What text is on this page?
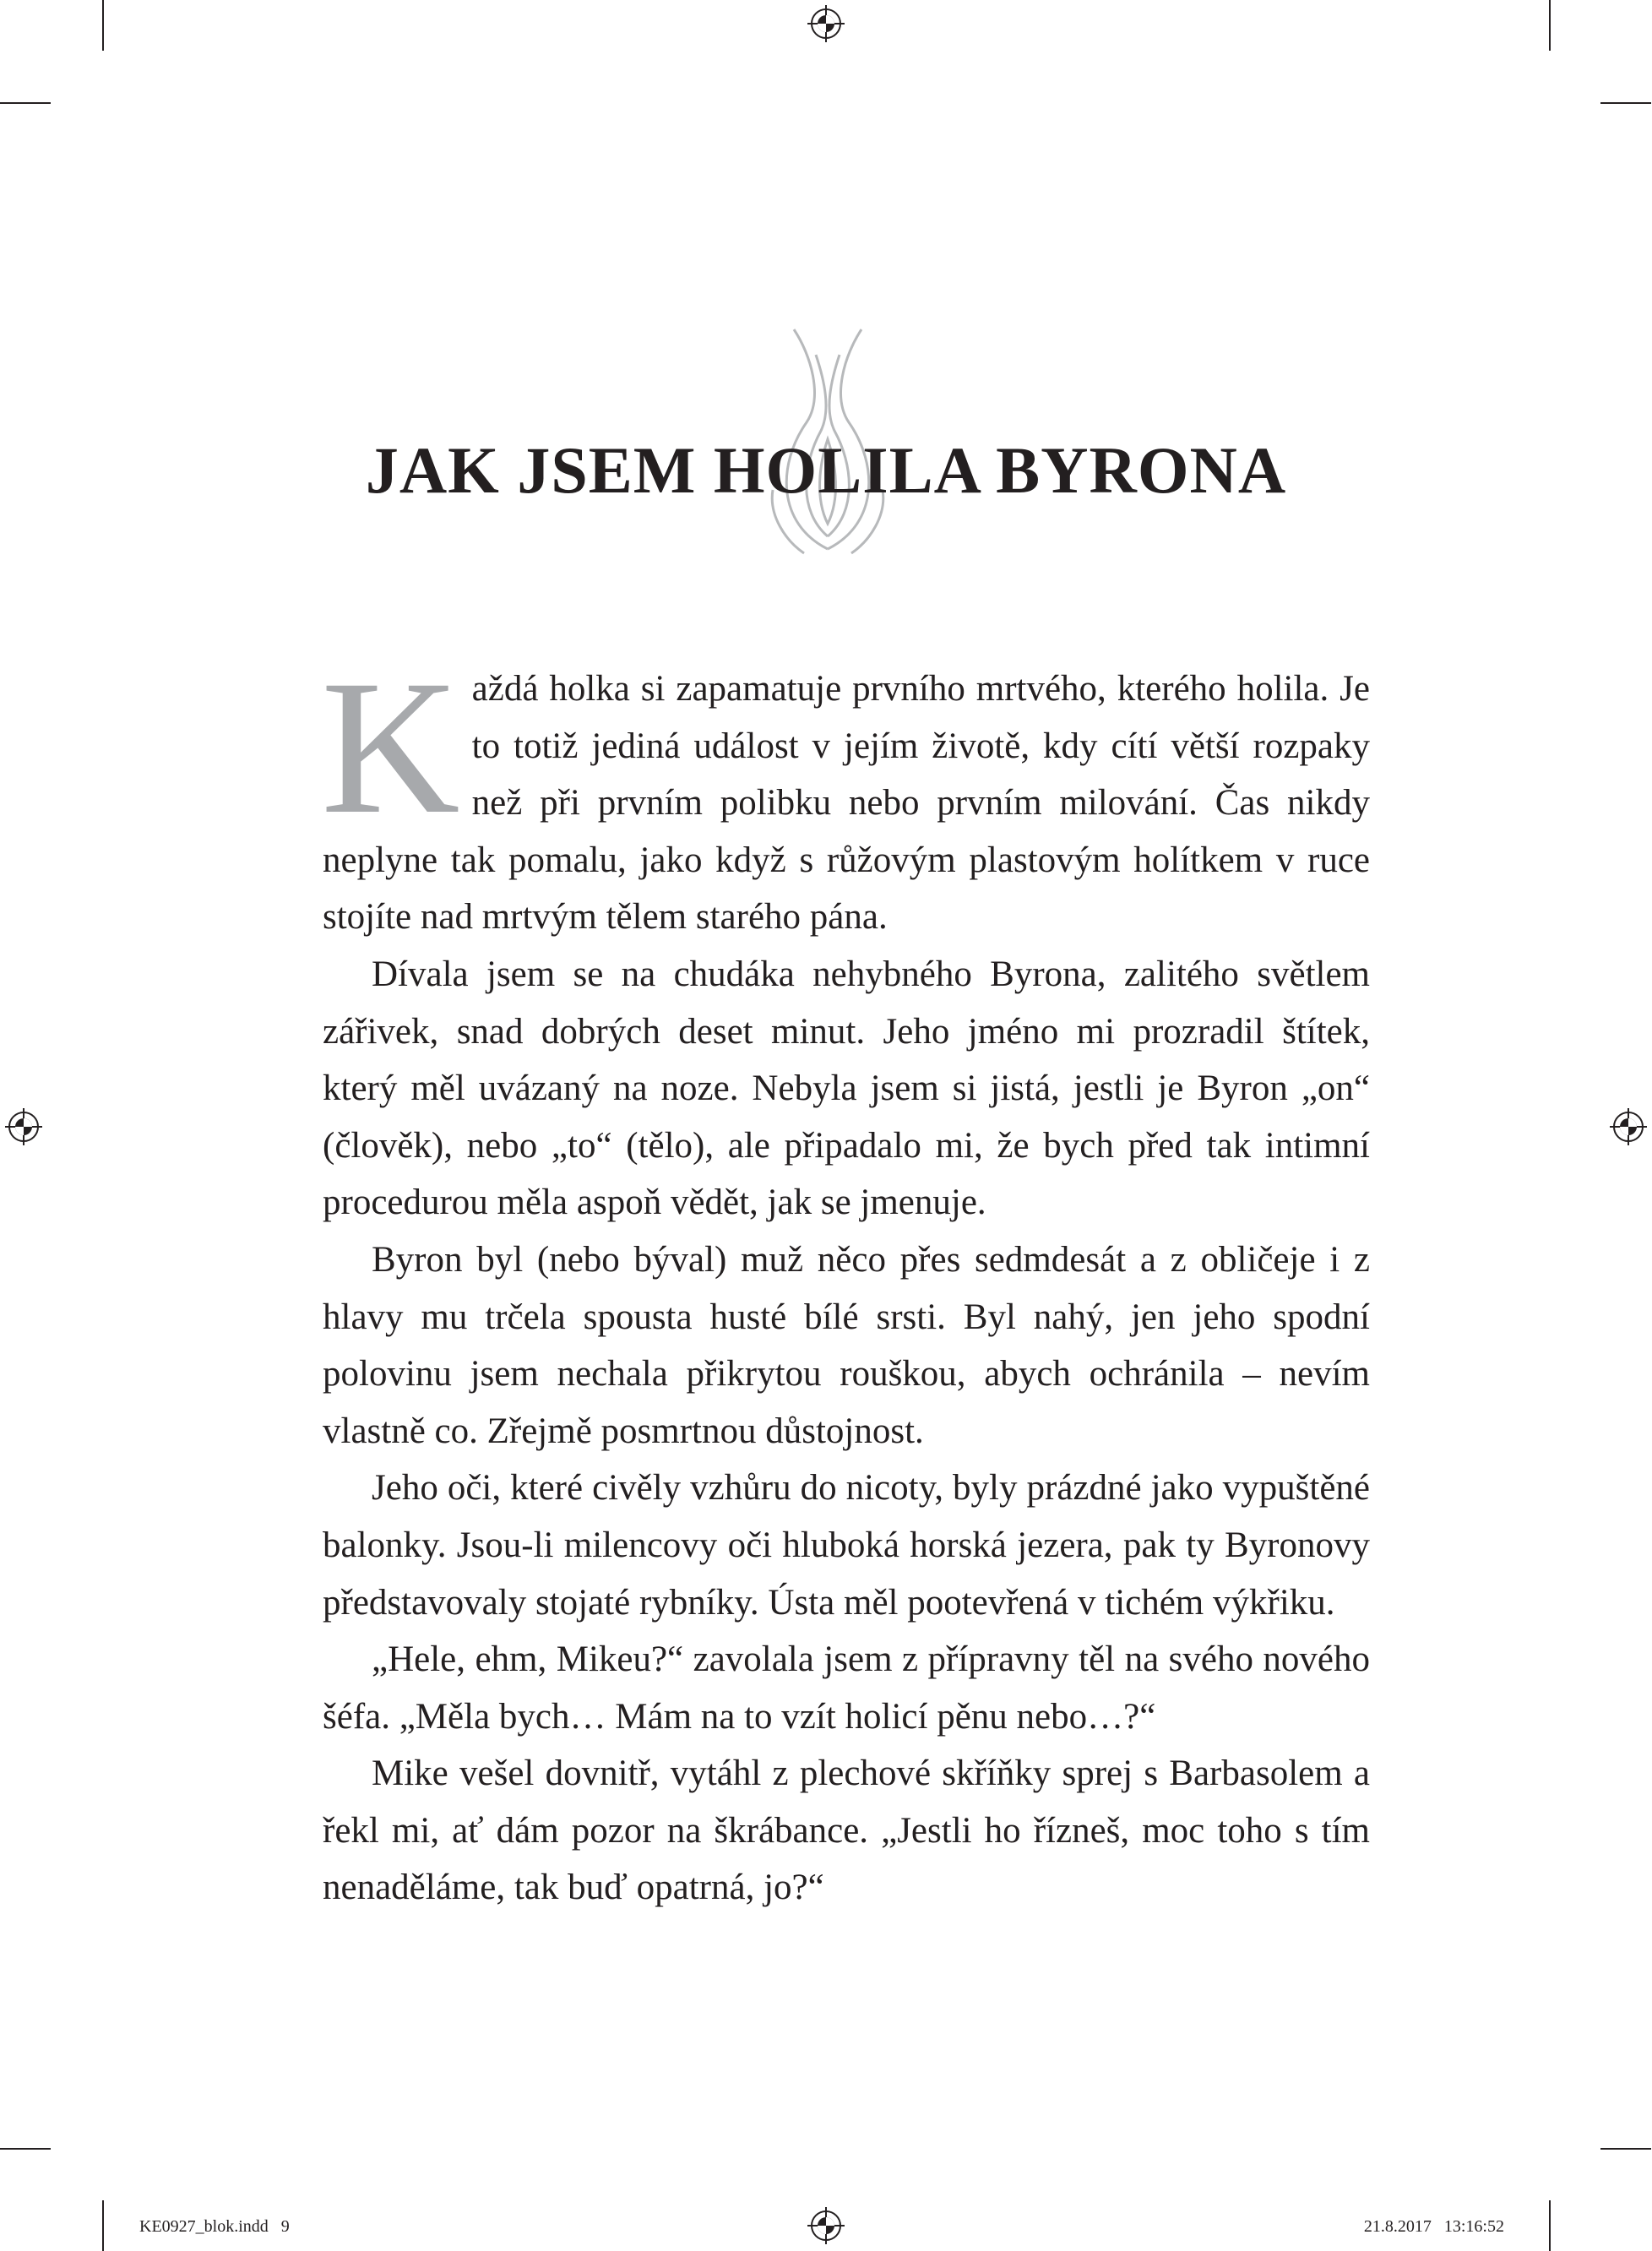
JAK JSEM HOLILA BYRONA

Každá holka si zapamatuje prvního mrtvého, kterého holila. Je to totiž jediná událost v jejím životě, kdy cítí větší rozpaky než při prvním polibku nebo prvním milování. Čas nikdy neplyne tak pomalu, jako když s růžovým plastovým holítkem v ruce stojíte nad mrtvým tělem starého pána.

Dívala jsem se na chudáka nehybného Byrona, zalitého světlem zářivek, snad dobrých deset minut. Jeho jméno mi prozradil štítek, který měl uvázaný na noze. Nebyla jsem si jistá, jestli je Byron „on“ (člověk), nebo „to“ (tělo), ale připadalo mi, že bych před tak intimní procedurou měla aspoň vědět, jak se jmenuje.

Byron byl (nebo býval) muž něco přes sedmdesát a z obličeje i z hlavy mu trčela spousta husté bílé srsti. Byl nahý, jen jeho spodní polovinu jsem nechala přikrytou rouškou, abych ochránila – nevím vlastně co. Zřejmě posmrtnou důstojnost.

Jeho oči, které civěly vzhůru do nicoty, byly prázdné jako vypuštěné balonky. Jsou-li milencovy oči hluboká horská jezera, pak ty Byronovy představovaly stojaté rybníky. Ústa měl pootevřená v tichém výkřiku.

„Hele, ehm, Mikeu?“ zavolala jsem z přípravny těl na svého nového šéfa. „Měla bych… Mám na to vzít holicí pěnu nebo…?“

Mike vešel dovnitř, vytáhl z plechové skříňky sprej s Barbasolem a řekl mi, ať dám pozor na škrábance. „Jestli ho řízneš, moc toho s tím nenaděláme, tak buď opatrná, jo?“

KE0927_blok.indd   9	21.8.2017   13:16:52
